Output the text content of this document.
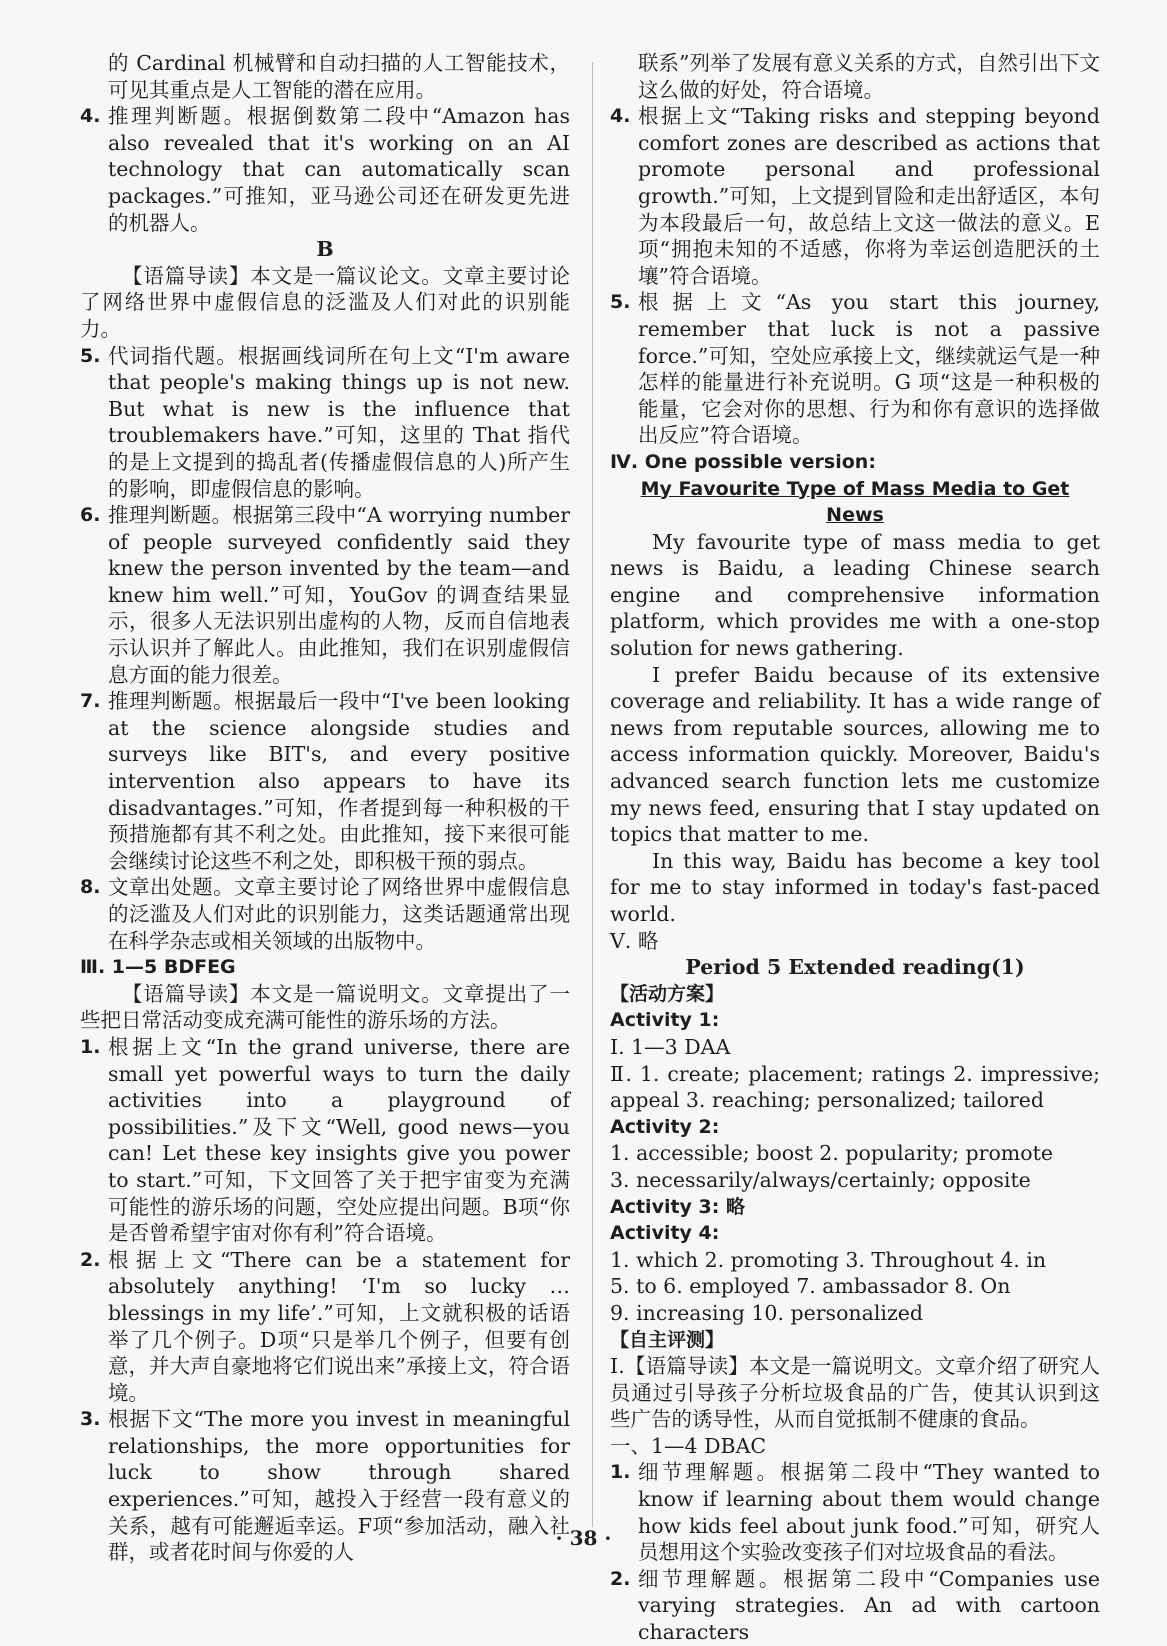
的 Cardinal 机械臂和自动扫描的人工智能技术，可见其重点是人工智能的潜在应用。

4. 推理判断题。根据倒数第二段中“Amazon has also revealed that it's working on an AI technology that can automatically scan packages.”可推知，亚马逊公司还在研发更先进的机器人。

B

【语篇导读】本文是一篇议论文。文章主要讨论了网络世界中虚假信息的泛滥及人们对此的识别能力。

5. 代词指代题。根据画线词所在句上文“I'm aware that people's making things up is not new. But what is new is the influence that troublemakers have.”可知，这里的 That 指代的是上文提到的捣乱者(传播虚假信息的人)所产生的影响，即虚假信息的影响。
6. 推理判断题。根据第三段中“A worrying number of people surveyed confidently said they knew the person invented by the team—and knew him well.”可知，YouGov 的调查结果显示，很多人无法识别出虚构的人物，反而自信地表示认识并了解此人。由此推知，我们在识别虚假信息方面的能力很差。
7. 推理判断题。根据最后一段中“I've been looking at the science alongside studies and surveys like BIT's, and every positive intervention also appears to have its disadvantages.”可知，作者提到每一种积极的干预措施都有其不利之处。由此推知，接下来很可能会继续讨论这些不利之处，即积极干预的弱点。
8. 文章出处题。文章主要讨论了网络世界中虚假信息的泛滥及人们对此的识别能力，这类话题通常出现在科学杂志或相关领域的出版物中。

Ⅲ. 1—5 BDFEG

【语篇导读】本文是一篇说明文。文章提出了一些把日常活动变成充满可能性的游乐场的方法。

1. 根据上文“In the grand universe, there are small yet powerful ways to turn the daily activities into a playground of possibilities.”及下文“Well, good news—you can! Let these key insights give you power to start.”可知，下文回答了关于把宇宙变为充满可能性的游乐场的问题，空处应提出问题。B项“你是否曾希望宇宙对你有利”符合语境。
2. 根据上文“There can be a statement for absolutely anything! ‘I'm so lucky … blessings in my life’.”可知，上文就积极的话语举了几个例子。D项“只是举几个例子，但要有创意，并大声自豪地将它们说出来”承接上文，符合语境。
3. 根据下文“The more you invest in meaningful relationships, the more opportunities for luck to show through shared experiences.”可知，越投入于经营一段有意义的关系，越有可能邂逅幸运。F项“参加活动，融入社群，或者花时间与你爱的人

联系”列举了发展有意义关系的方式，自然引出下文这么做的好处，符合语境。

4. 根据上文“Taking risks and stepping beyond comfort zones are described as actions that promote personal and professional growth.”可知，上文提到冒险和走出舒适区，本句为本段最后一句，故总结上文这一做法的意义。E 项“拥抱未知的不适感，你将为幸运创造肥沃的土壤”符合语境。
5. 根据上文“As you start this journey, remember that luck is not a passive force.”可知，空处应承接上文，继续就运气是一种怎样的能量进行补充说明。G 项“这是一种积极的能量，它会对你的思想、行为和你有意识的选择做出反应”符合语境。

Ⅳ. One possible version:

My Favourite Type of Mass Media to Get News

My favourite type of mass media to get news is Baidu, a leading Chinese search engine and comprehensive information platform, which provides me with a one-stop solution for news gathering.

I prefer Baidu because of its extensive coverage and reliability. It has a wide range of news from reputable sources, allowing me to access information quickly. Moreover, Baidu's advanced search function lets me customize my news feed, ensuring that I stay updated on topics that matter to me.

In this way, Baidu has become a key tool for me to stay informed in today's fast-paced world.

Ⅴ. 略

Period 5 Extended reading(1)

【活动方案】

Activity 1:

Ⅰ. 1—3 DAA

Ⅱ. 1. create; placement; ratings 2. impressive; appeal 3. reaching; personalized; tailored

Activity 2:

1. accessible; boost 2. popularity; promote

3. necessarily/always/certainly; opposite

Activity 3: 略

Activity 4:

1. which 2. promoting 3. Throughout 4. in

5. to 6. employed 7. ambassador 8. On

9. increasing 10. personalized

【自主评测】

Ⅰ.【语篇导读】本文是一篇说明文。文章介绍了研究人员通过引导孩子分析垃圾食品的广告，使其认识到这些广告的诱导性，从而自觉抵制不健康的食品。

一、1—4 DBAC

1. 细节理解题。根据第二段中“They wanted to know if learning about them would change how kids feel about junk food.”可知，研究人员想用这个实验改变孩子们对垃圾食品的看法。
2. 细节理解题。根据第二段中“Companies use varying strategies. An ad with cartoon characters
· 38 ·
